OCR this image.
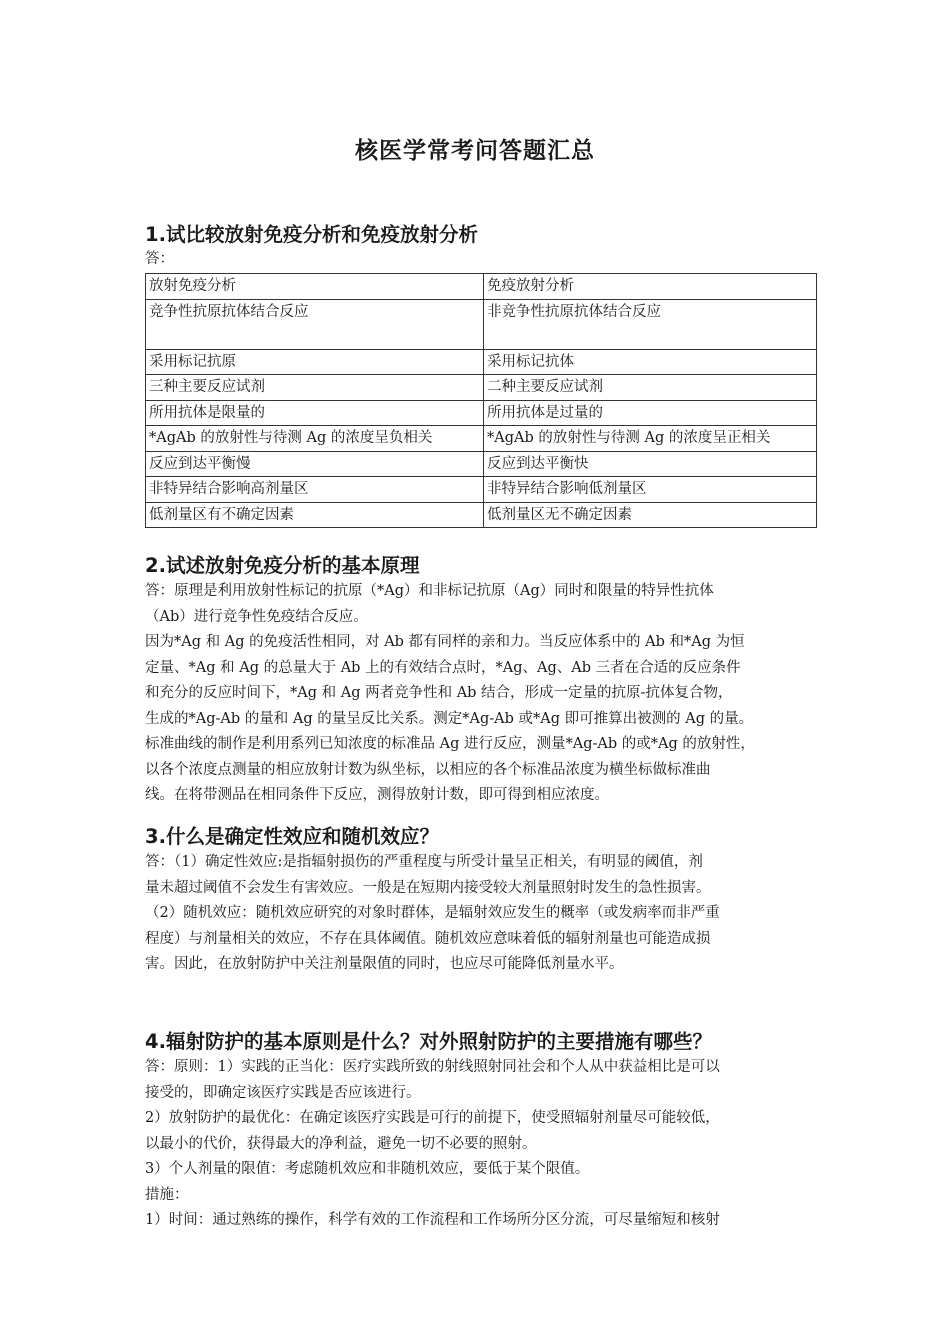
核医学常考问答题汇总

1.试比较放射免疫分析和免疫放射分析

答：

放射免疫分析	免疫放射分析
竞争性抗原抗体结合反应	非竞争性抗原抗体结合反应
采用标记抗原	采用标记抗体
三种主要反应试剂	二种主要反应试剂
所用抗体是限量的	所用抗体是过量的
*AgAb 的放射性与待测 Ag 的浓度呈负相关	*AgAb 的放射性与待测 Ag 的浓度呈正相关
反应到达平衡慢	反应到达平衡快
非特异结合影响高剂量区	非特异结合影响低剂量区
低剂量区有不确定因素	低剂量区无不确定因素

2.试述放射免疫分析的基本原理

答：原理是利用放射性标记的抗原（*Ag）和非标记抗原（Ag）同时和限量的特异性抗体

（Ab）进行竞争性免疫结合反应。

因为*Ag 和 Ag 的免疫活性相同，对 Ab 都有同样的亲和力。当反应体系中的 Ab 和*Ag 为恒

定量、*Ag 和 Ag 的总量大于 Ab 上的有效结合点时，*Ag、Ag、Ab 三者在合适的反应条件

和充分的反应时间下，*Ag 和 Ag 两者竞争性和 Ab 结合，形成一定量的抗原-抗体复合物，

生成的*Ag-Ab 的量和 Ag 的量呈反比关系。测定*Ag-Ab 或*Ag 即可推算出被测的 Ag 的量。

标准曲线的制作是利用系列已知浓度的标准品 Ag 进行反应，测量*Ag-Ab 的或*Ag 的放射性，

以各个浓度点测量的相应放射计数为纵坐标，以相应的各个标准品浓度为横坐标做标准曲

线。在将带测品在相同条件下反应，测得放射计数，即可得到相应浓度。

3.什么是确定性效应和随机效应？

答：（1）确定性效应:是指辐射损伤的严重程度与所受计量呈正相关，有明显的阈值，剂

量未超过阈值不会发生有害效应。一般是在短期内接受较大剂量照射时发生的急性损害。

（2）随机效应：随机效应研究的对象时群体，是辐射效应发生的概率（或发病率而非严重

程度）与剂量相关的效应，不存在具体阈值。随机效应意味着低的辐射剂量也可能造成损

害。因此，在放射防护中关注剂量限值的同时，也应尽可能降低剂量水平。

4.辐射防护的基本原则是什么？对外照射防护的主要措施有哪些？

答：原则：1）实践的正当化：医疗实践所致的射线照射同社会和个人从中获益相比是可以

接受的，即确定该医疗实践是否应该进行。

2）放射防护的最优化：在确定该医疗实践是可行的前提下，使受照辐射剂量尽可能较低，

以最小的代价，获得最大的净利益，避免一切不必要的照射。

3）个人剂量的限值：考虑随机效应和非随机效应，要低于某个限值。

措施：

1）时间：通过熟练的操作，科学有效的工作流程和工作场所分区分流，可尽量缩短和核射
